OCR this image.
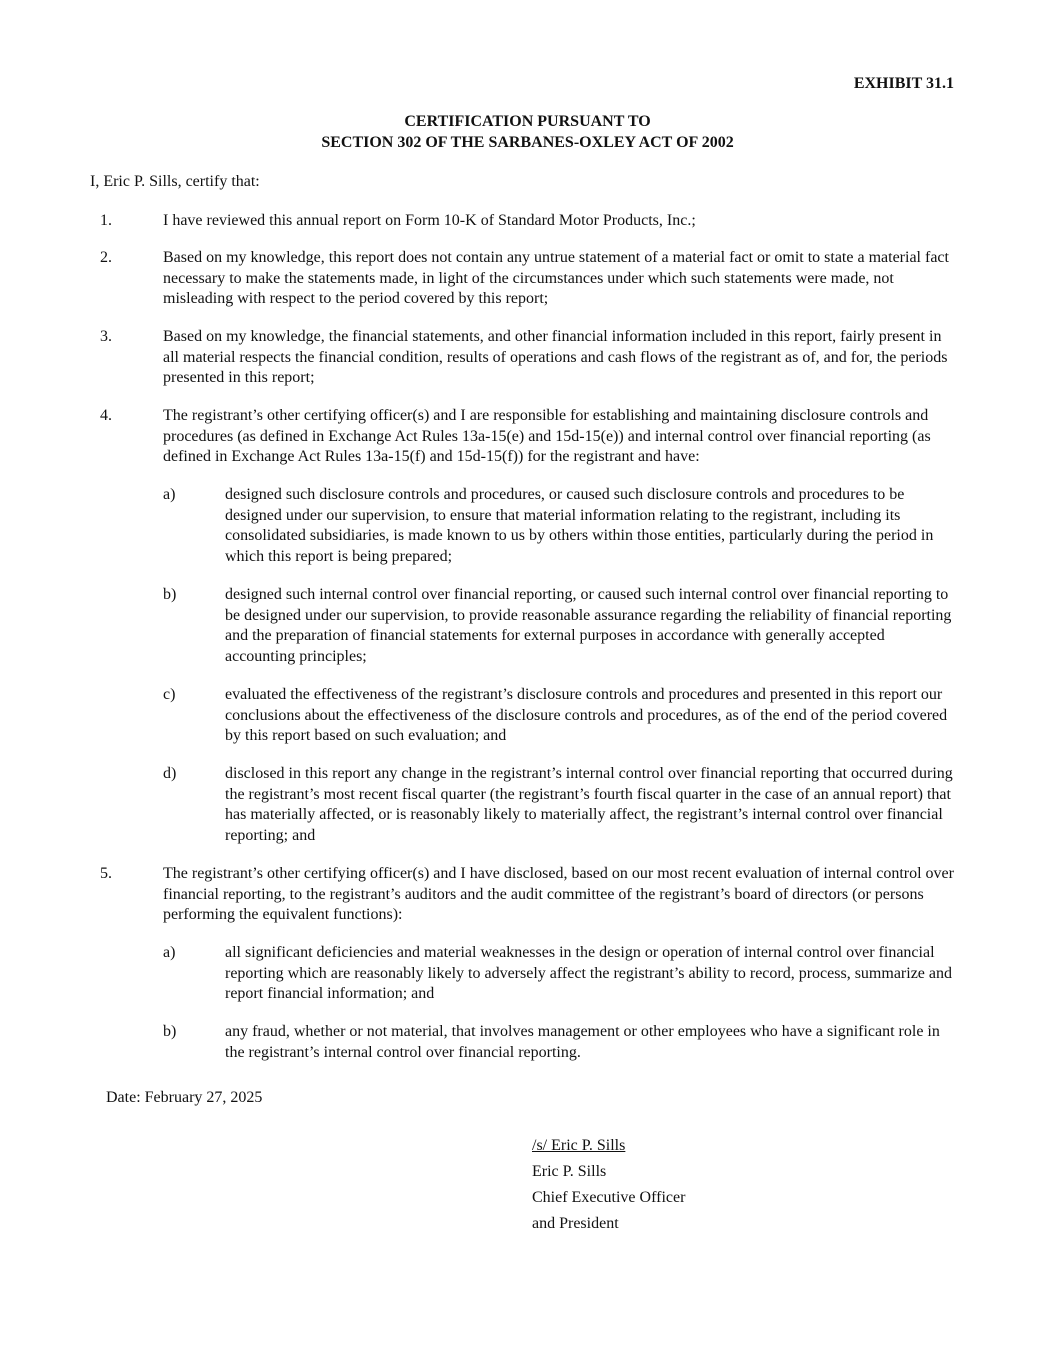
EXHIBIT 31.1
CERTIFICATION PURSUANT TO
SECTION 302 OF THE SARBANES-OXLEY ACT OF 2002
I, Eric P. Sills, certify that:
1.	I have reviewed this annual report on Form 10-K of Standard Motor Products, Inc.;
2.	Based on my knowledge, this report does not contain any untrue statement of a material fact or omit to state a material fact necessary to make the statements made, in light of the circumstances under which such statements were made, not misleading with respect to the period covered by this report;
3.	Based on my knowledge, the financial statements, and other financial information included in this report, fairly present in all material respects the financial condition, results of operations and cash flows of the registrant as of, and for, the periods presented in this report;
4.	The registrant’s other certifying officer(s) and I are responsible for establishing and maintaining disclosure controls and procedures (as defined in Exchange Act Rules 13a-15(e) and 15d-15(e)) and internal control over financial reporting (as defined in Exchange Act Rules 13a-15(f) and 15d-15(f)) for the registrant and have:
a)	designed such disclosure controls and procedures, or caused such disclosure controls and procedures to be designed under our supervision, to ensure that material information relating to the registrant, including its consolidated subsidiaries, is made known to us by others within those entities, particularly during the period in which this report is being prepared;
b)	designed such internal control over financial reporting, or caused such internal control over financial reporting to be designed under our supervision, to provide reasonable assurance regarding the reliability of financial reporting and the preparation of financial statements for external purposes in accordance with generally accepted accounting principles;
c)	evaluated the effectiveness of the registrant’s disclosure controls and procedures and presented in this report our conclusions about the effectiveness of the disclosure controls and procedures, as of the end of the period covered by this report based on such evaluation; and
d)	disclosed in this report any change in the registrant’s internal control over financial reporting that occurred during the registrant’s most recent fiscal quarter (the registrant’s fourth fiscal quarter in the case of an annual report) that has materially affected, or is reasonably likely to materially affect, the registrant’s internal control over financial reporting; and
5.	The registrant’s other certifying officer(s) and I have disclosed, based on our most recent evaluation of internal control over financial reporting, to the registrant’s auditors and the audit committee of the registrant’s board of directors (or persons performing the equivalent functions):
a)	all significant deficiencies and material weaknesses in the design or operation of internal control over financial reporting which are reasonably likely to adversely affect the registrant’s ability to record, process, summarize and report financial information; and
b)	any fraud, whether or not material, that involves management or other employees who have a significant role in the registrant’s internal control over financial reporting.
Date: February 27, 2025
/s/ Eric P. Sills
Eric P. Sills
Chief Executive Officer
and President
